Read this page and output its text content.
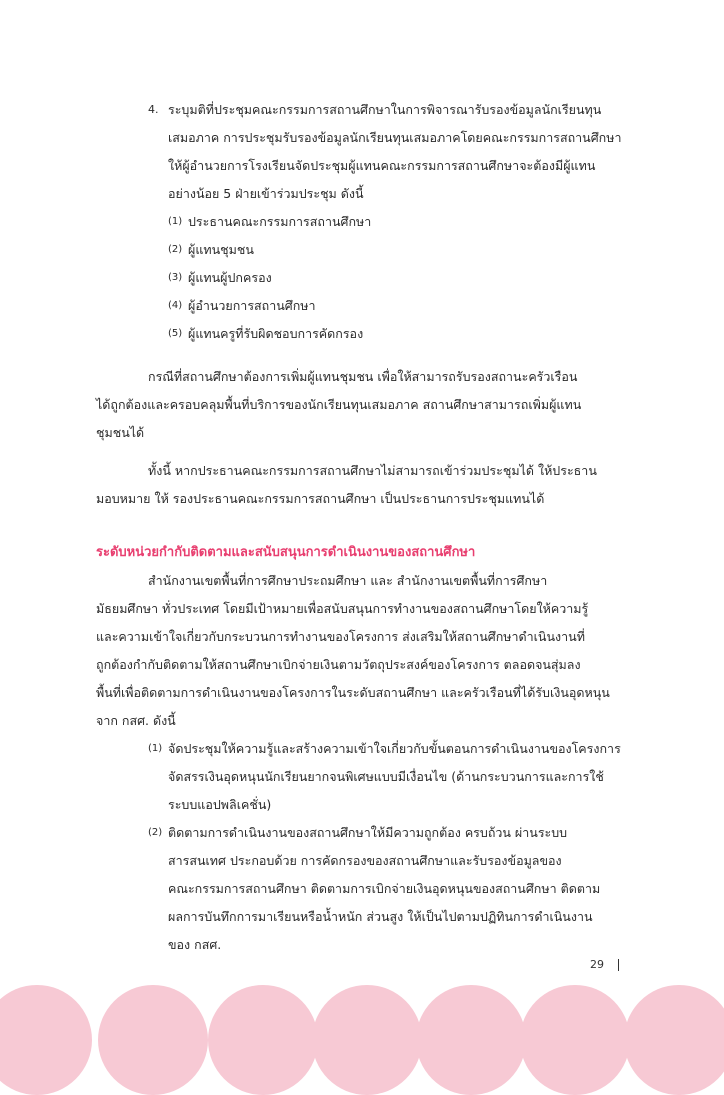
4. ระบุมติที่ประชุมคณะกรรมการสถานศึกษาในการพิจารณารับรองข้อมูลนักเรียนทุน
เสมอภาค การประชุมรับรองข้อมูลนักเรียนทุนเสมอภาคโดยคณะกรรมการสถานศึกษา
ให้ผู้อำนวยการโรงเรียนจัดประชุมผู้แทนคณะกรรมการสถานศึกษาจะต้องมีผู้แทน
อย่างน้อย 5 ฝ่ายเข้าร่วมประชุม ดังนี้
(1) ประธานคณะกรรมการสถานศึกษา
(2) ผู้แทนชุมชน
(3) ผู้แทนผู้ปกครอง
(4) ผู้อำนวยการสถานศึกษา
(5) ผู้แทนครูที่รับผิดชอบการคัดกรอง
กรณีที่สถานศึกษาต้องการเพิ่มผู้แทนชุมชน เพื่อให้สามารถรับรองสถานะครัวเรือน
ได้ถูกต้องและครอบคลุมพื้นที่บริการของนักเรียนทุนเสมอภาค สถานศึกษาสามารถเพิ่มผู้แทน
ชุมชนได้
ทั้งนี้ หากประธานคณะกรรมการสถานศึกษาไม่สามารถเข้าร่วมประชุมได้ ให้ประธาน
มอบหมาย ให้ รองประธานคณะกรรมการสถานศึกษา เป็นประธานการประชุมแทนได้
ระดับหน่วยกำกับติดตามและสนับสนุนการดำเนินงานของสถานศึกษา
สำนักงานเขตพื้นที่การศึกษาประถมศึกษา และ สำนักงานเขตพื้นที่การศึกษา
มัธยมศึกษา ทั่วประเทศ โดยมีเป้าหมายเพื่อสนับสนุนการทำงานของสถานศึกษาโดยให้ความรู้
และความเข้าใจเกี่ยวกับกระบวนการทำงานของโครงการ ส่งเสริมให้สถานศึกษาดำเนินงานที่
ถูกต้องกำกับติดตามให้สถานศึกษาเบิกจ่ายเงินตามวัตถุประสงค์ของโครงการ ตลอดจนสุ่มลง
พื้นที่เพื่อติดตามการดำเนินงานของโครงการในระดับสถานศึกษา และครัวเรือนที่ได้รับเงินอุดหนุน
จาก กสศ. ดังนี้
(1) จัดประชุมให้ความรู้และสร้างความเข้าใจเกี่ยวกับขั้นตอนการดำเนินงานของโครงการ
จัดสรรเงินอุดหนุนนักเรียนยากจนพิเศษแบบมีเงื่อนไข (ด้านกระบวนการและการใช้
ระบบแอปพลิเคชั่น)
(2) ติดตามการดำเนินงานของสถานศึกษาให้มีความถูกต้อง ครบถ้วน ผ่านระบบ
สารสนเทศ ประกอบด้วย การคัดกรองของสถานศึกษาและรับรองข้อมูลของ
คณะกรรมการสถานศึกษา ติดตามการเบิกจ่ายเงินอุดหนุนของสถานศึกษา ติดตาม
ผลการบันทึกการมาเรียนหรือน้ำหนัก ส่วนสูง ให้เป็นไปตามปฏิทินการดำเนินงาน
ของ กสศ.
29
